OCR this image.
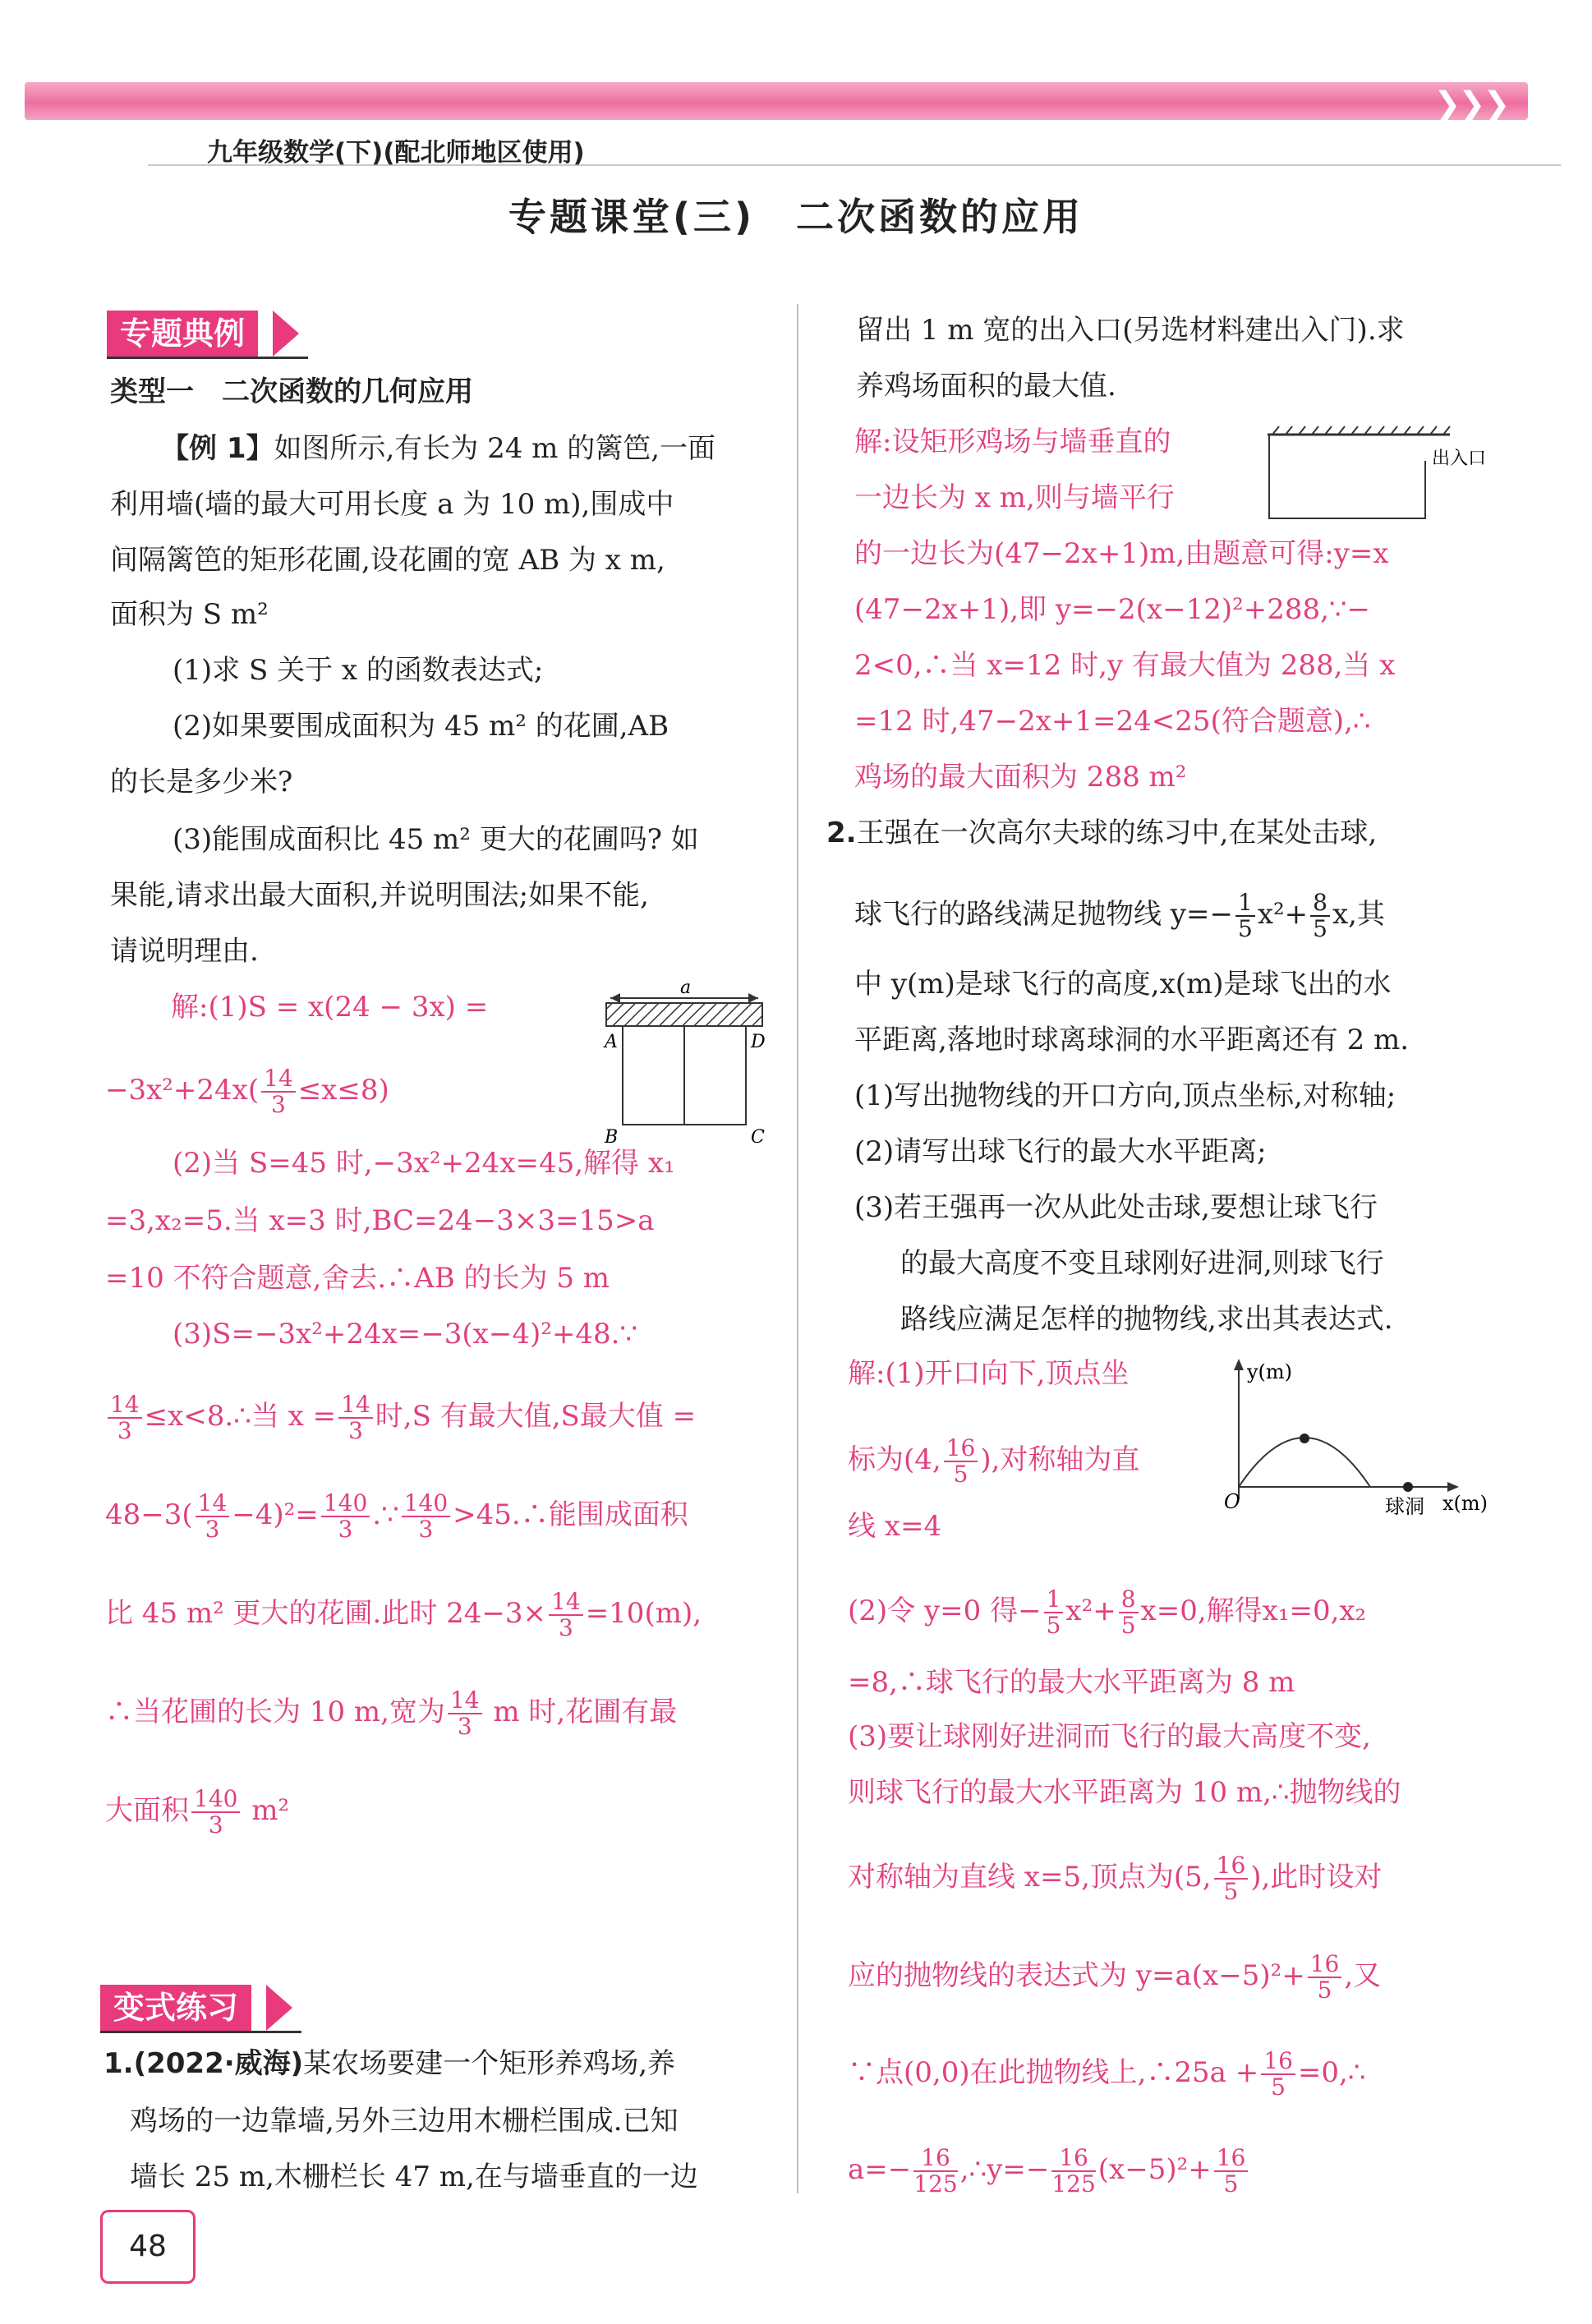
❯
❯
❯
九年级数学(下)(配北师地区使用)
专题课堂(三)　二次函数的应用
专题典例
类型一　二次函数的几何应用
【例 1】如图所示,有长为 24 m 的篱笆,一面
利用墙(墙的最大可用长度 a 为 10 m),围成中
间隔篱笆的矩形花圃,设花圃的宽 AB 为 x m,
面积为 S m²
(1)求 S 关于 x 的函数表达式;
(2)如果要围成面积为 45 m² 的花圃,AB
的长是多少米?
(3)能围成面积比 45 m² 更大的花圃吗? 如
果能,请求出最大面积,并说明围法;如果不能,
请说明理由.
a
A	D
B	C
解:(1)S = x(24 − 3x) =
$-3x^2+24x( \frac{14}{3} \le x\le 8)$
(2)当 S=45 时,−3x²+24x=45,解得 x₁
=3,x₂=5.当 x=3 时,BC=24−3×3=15>a
=10 不符合题意,舍去.∴AB 的长为 5 m
(3)S=−3x²+24x=−3(x−4)²+48.∵
$\frac{14}{3}$ ≤x<8.∴当 $x = \frac{14}{3}$ 时,S 有最大值,S最大值 =
$48-3( \frac{14}{3} -4)^2= \frac{140}{3}$ .∵ $\frac{140}{3}$ >45.∴能围成面积
比 45 m² 更大的花圃.此时 $24-3\times \frac{14}{3} =10(m)$,
∴当花圃的长为 10 m,宽为 $\frac{14}{3}$ m 时,花圃有最
大面积 $\frac{140}{3} m^2$
变式练习
1.(2022·威海)某农场要建一个矩形养鸡场,养
鸡场的一边靠墙,另外三边用木栅栏围成.已知
墙长 25 m,木栅栏长 47 m,在与墙垂直的一边
48
留出 1 m 宽的出入口(另选材料建出入门).求
养鸡场面积的最大值.
出入口
解:设矩形鸡场与墙垂直的
一边长为 x m,则与墙平行
的一边长为(47−2x+1)m,由题意可得:y=x
(47−2x+1),即 y=−2(x−12)²+288,∵−
2<0,∴当 x=12 时,y 有最大值为 288,当 x
=12 时,47−2x+1=24<25(符合题意),∴
鸡场的最大面积为 288 m²
2.王强在一次高尔夫球的练习中,在某处击球,
球飞行的路线满足抛物线 $y=- \frac{1}{5} x^2+ \frac{8}{5} x$,其
中 y(m)是球飞行的高度,x(m)是球飞出的水
平距离,落地时球离球洞的水平距离还有 2 m.
(1)写出抛物线的开口方向,顶点坐标,对称轴;
(2)请写出球飞行的最大水平距离;
(3)若王强再一次从此处击球,要想让球飞行
的最大高度不变且球刚好进洞,则球飞行
路线应满足怎样的抛物线,求出其表达式.
y(m)
O	球洞 x(m)
解:(1)开口向下,顶点坐
标为(4, $\frac{16}{5}$ ),对称轴为直
线 x=4
(2)令 y=0 得− $\frac{1}{5} x^2+ \frac{8}{5} x=0$,解得x₁=0,x₂
=8,∴球飞行的最大水平距离为 8 m
(3)要让球刚好进洞而飞行的最大高度不变,
则球飞行的最大水平距离为 10 m,∴抛物线的
对称轴为直线 x=5,顶点为(5, $\frac{16}{5}$ ),此时设对
应的抛物线的表达式为 $y=a(x-5)^2+ \frac{16}{5}$ ,又
∵点(0,0)在此抛物线上,∴25a + $\frac{16}{5}$ =0,∴
$a=- \frac{16}{125}$ ,∴y=− $\frac{16}{125} (x-5)^2+ \frac{16}{5}$
